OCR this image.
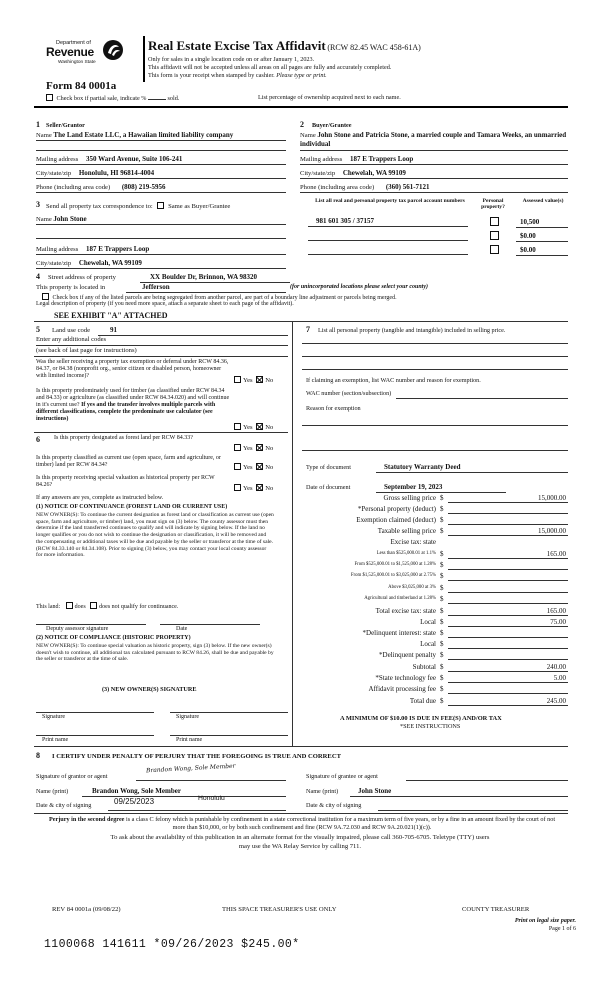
Department of
Revenue
Washington State
Form 84 0001a
Real Estate Excise Tax Affidavit (RCW 82.45 WAC 458-61A)
Only for sales in a single location code on or after January 1, 2023.
This affidavit will not be accepted unless all areas on all pages are fully and accurately completed.
This form is your receipt when stamped by cashier. Please type or print.
Check box if partial sale, indicate %	sold.	List percentage of ownership acquired next to each name.
1 Seller/Grantor
Name The Land Estate LLC, a Hawaiian limited liability company
Mailing address 350 Ward Avenue, Suite 106-241
City/state/zip Honolulu, HI 96814-4004
Phone (including area code) (808) 219-5956
2 Buyer/Grantee
Name John Stone and Patricia Stone, a married couple and Tamara Weeks, an unmarried individual
Mailing address 187 E Trappers Loop
City/state/zip Chewelah, WA 99109
Phone (including area code) (360) 561-7121
3 Send all property tax correspondence to: Same as Buyer/Grantee
Name John Stone
Mailing address 187 E Trappers Loop
City/state/zip Chewelah, WA 99109
List all real and personal property tax parcel account numbers	Personal property?
Assessed value(s)
981 601 305 / 37157	10,500
$0.00
$0.00
4 Street address of property	XX Boulder Dr, Brinnon, WA 98320
This property is located in	Jefferson	(for unincorporated locations please select your county)
Check box if any of the listed parcels are being segregated from another parcel, are part of a boundary line adjustment or parcels being merged.
Legal description of property (if you need more space, attach a separate sheet to each page of the affidavit).
SEE EXHIBIT "A" ATTACHED
5 Land use code	91
Enter any additional codes
(see back of last page for instructions)
Was the seller receiving a property tax exemption or deferral under RCW 84.36, 84.37, or 84.38 (nonprofit org., senior citizen or disabled person, homeowner with limited income)?
Yes No
Is this property predominately used for timber (as classified under RCW 84.34 and 84.33) or agriculture (as classified under RCW 84.34.020) and will continue in it's current use? If yes and the transfer involves multiple parcels with different classifications, complete the predominate use calculator (see instructions)
Yes No
6 Is this property designated as forest land per RCW 84.33?
Yes No
Is this property classified as current use (open space, farm and agriculture, or timber) land per RCW 84.34?	Yes No
Is this property receiving special valuation as historical property per RCW 84.26?
Yes No
If any answers are yes, complete as instructed below.
(1) NOTICE OF CONTINUANCE (FOREST LAND OR CURRENT USE)
NEW OWNER(S): To continue the current designation as forest land or classification as current use (open space, farm and agriculture, or timber) land, you must sign on (3) below. The county assessor must then determine if the land transferred continues to qualify and will indicate by signing below. If the land no longer qualifies or you do not wish to continue the designation or classification, it will be removed and the compensating or additional taxes will be due and payable by the seller or transferor at the time of sale. (RCW 84.33.140 or 84.34.108). Prior to signing (3) below, you may contact your local county assessor for more information.
This land: does does not qualify for continuance.
Deputy assessor signature	Date
(2) NOTICE OF COMPLIANCE (HISTORIC PROPERTY)
NEW OWNER(S): To continue special valuation as historic property, sign (3) below. If the new owner(s) doesn't wish to continue, all additional tax calculated pursuant to RCW 84.26, shall be due and payable by the seller or transferor at the time of sale.
(3) NEW OWNER(S) SIGNATURE
Signature	Signature
Print name	Print name
7 List all personal property (tangible and intangible) included in selling price.
If claiming an exemption, list WAC number and reason for exemption.
WAC number (section/subsection)
Reason for exemption
Type of document	Statutory Warranty Deed
Date of document	September 19, 2023
Gross selling price $	15,000.00
*Personal property (deduct) $
Exemption claimed (deduct) $
Taxable selling price $	15,000.00
Excise tax: state
Less than $525,000.01 at 1.1% $	165.00
From $525,000.01 to $1,525,000 at 1.28% $
From $1,525,000.01 to $3,025,000 at 2.75% $
Above $3,025,000 at 3% $
Agricultural and timberland at 1.28% $
Total excise tax: state $	165.00
Local $	75.00
*Delinquent interest: state $
Local $
*Delinquent penalty $
Subtotal $	240.00
*State technology fee $	5.00
Affidavit processing fee $
Total due $	245.00
A MINIMUM OF $10.00 IS DUE IN FEE(S) AND/OR TAX
*SEE INSTRUCTIONS
8 I CERTIFY UNDER PENALTY OF PERJURY THAT THE FOREGOING IS TRUE AND CORRECT
Signature of grantor or agent
Brandon Wong, Sole Member
Name (print)	Brandon Wong, Sole Member
Date & city of signing	09/25/2023	Honolulu
Signature of grantee or agent
Name (print)	John Stone
Date & city of signing
Perjury in the second degree is a class C felony which is punishable by confinement in a state correctional institution for a maximum term of five years, or by a fine in an amount fixed by the court of not more than $10,000, or by both such confinement and fine (RCW 9A.72.030 and RCW 9A.20.021(1)(c)).
To ask about the availability of this publication in an alternate format for the visually impaired, please call 360-705-6705. Teletype (TTY) users may use the WA Relay Service by calling 711.
REV 84 0001a (09/08/22)	THIS SPACE TREASURER'S USE ONLY	COUNTY TREASURER
Print on legal size paper.
Page 1 of 6
1100068 141611 *09/26/2023 $245.00*
